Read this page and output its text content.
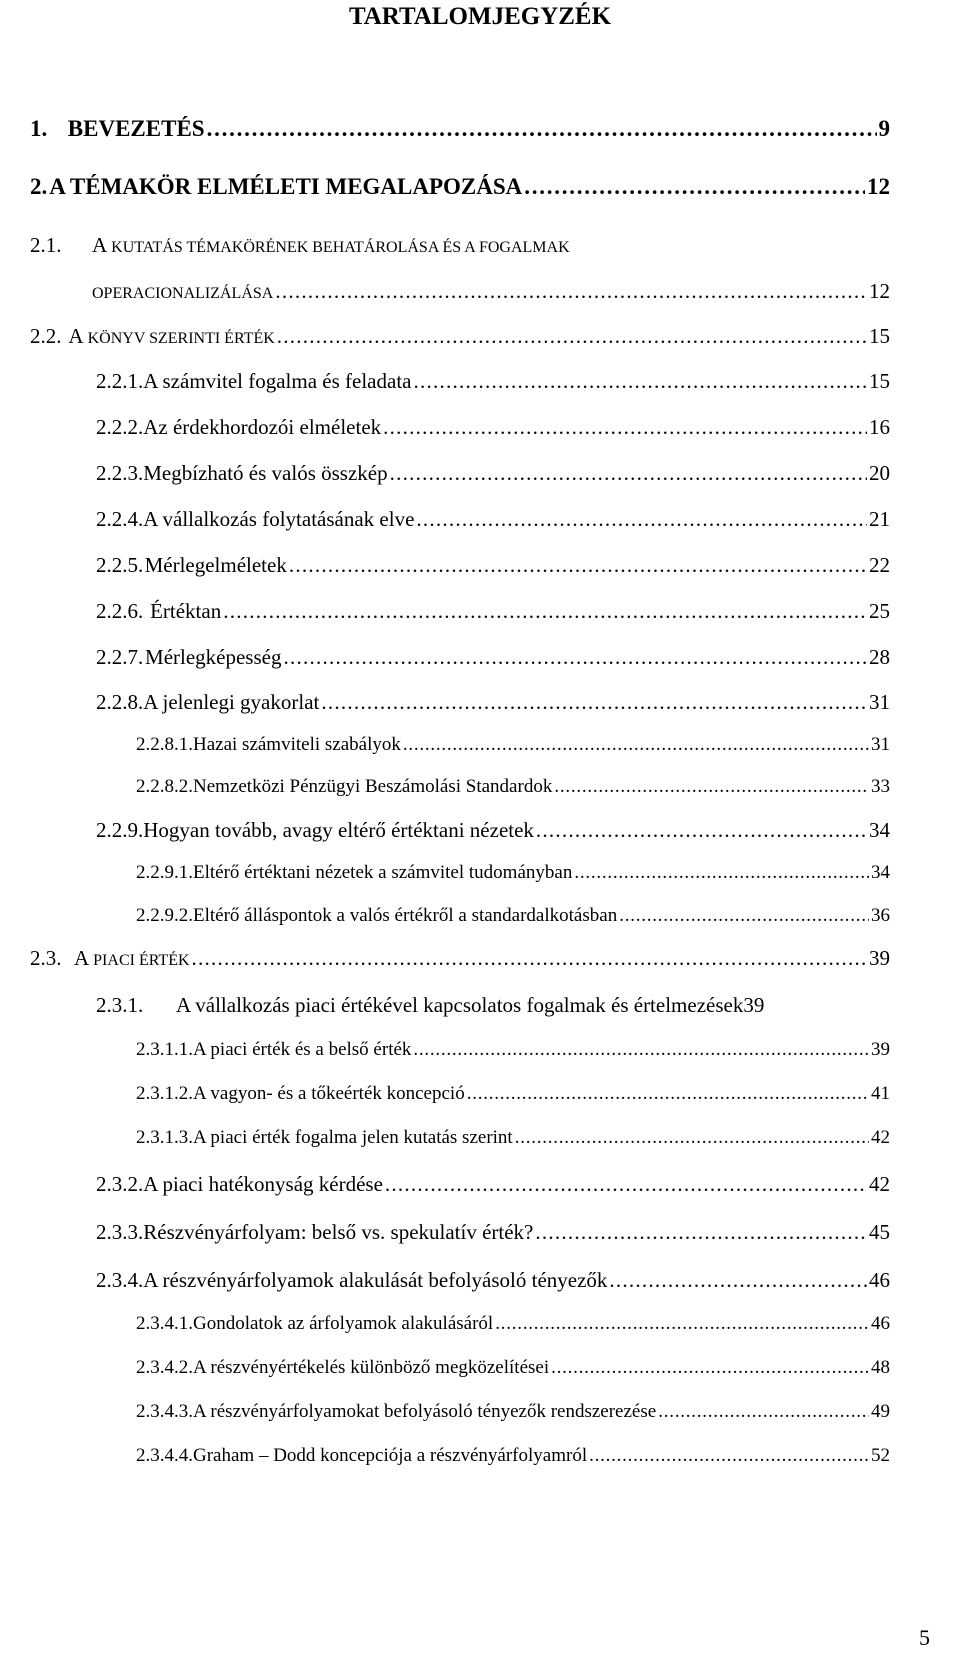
TARTALOMJEGYZÉK
1. BEVEZETÉS . . .	9
2. A TÉMAKÖR ELMÉLETI MEGALAPOZÁSA . . .	12
2.1.	A KUTATÁS TÉMAKÖRÉNEK BEHATÁROLÁSA ÉS A FOGALMAK
OPERACIONALIZÁLÁSA . . .	12
2.2. A KÖNYV SZERINTI ÉRTÉK . . .	15
2.2.1. A számvitel fogalma és feladata . . .	15
2.2.2. Az érdekhordozói elméletek . . .	16
2.2.3. Megbízható és valós összkép . . .	20
2.2.4. A vállalkozás folytatásának elve . . .	21
2.2.5. Mérlegelméletek . . .	22
2.2.6. Értéktan . . .	25
2.2.7. Mérlegképesség . . .	28
2.2.8. A jelenlegi gyakorlat . . .	31
2.2.8.1. Hazai számviteli szabályok . . .	31
2.2.8.2. Nemzetközi Pénzügyi Beszámolási Standardok . . .	33
2.2.9. Hogyan tovább, avagy eltérő értéktani nézetek . . .	34
2.2.9.1. Eltérő értéktani nézetek a számvitel tudományban . . .	34
2.2.9.2. Eltérő álláspontok a valós értékről a standardalkotásban . . .	36
2.3. A PIACI ÉRTÉK . . .	39
2.3.1.	A vállalkozás piaci értékével kapcsolatos fogalmak és értelmezések 39
2.3.1.1. A piaci érték és a belső érték . . .	39
2.3.1.2. A vagyon- és a tőkeérték koncepció . . .	41
2.3.1.3. A piaci érték fogalma jelen kutatás szerint . . .	42
2.3.2. A piaci hatékonyság kérdése . . .	42
2.3.3. Részvényárfolyam: belső vs. spekulatív érték? . . .	45
2.3.4. A részvényárfolyamok alakulását befolyásoló tényezők . . .	46
2.3.4.1. Gondolatok az árfolyamok alakulásáról . . .	46
2.3.4.2. A részvényértékelés különböző megközelítései . . .	48
2.3.4.3. A részvényárfolyamokat befolyásoló tényezők rendszerezése . . .	49
2.3.4.4. Graham – Dodd koncepciója a részvényárfolyamról . . .	52
5
